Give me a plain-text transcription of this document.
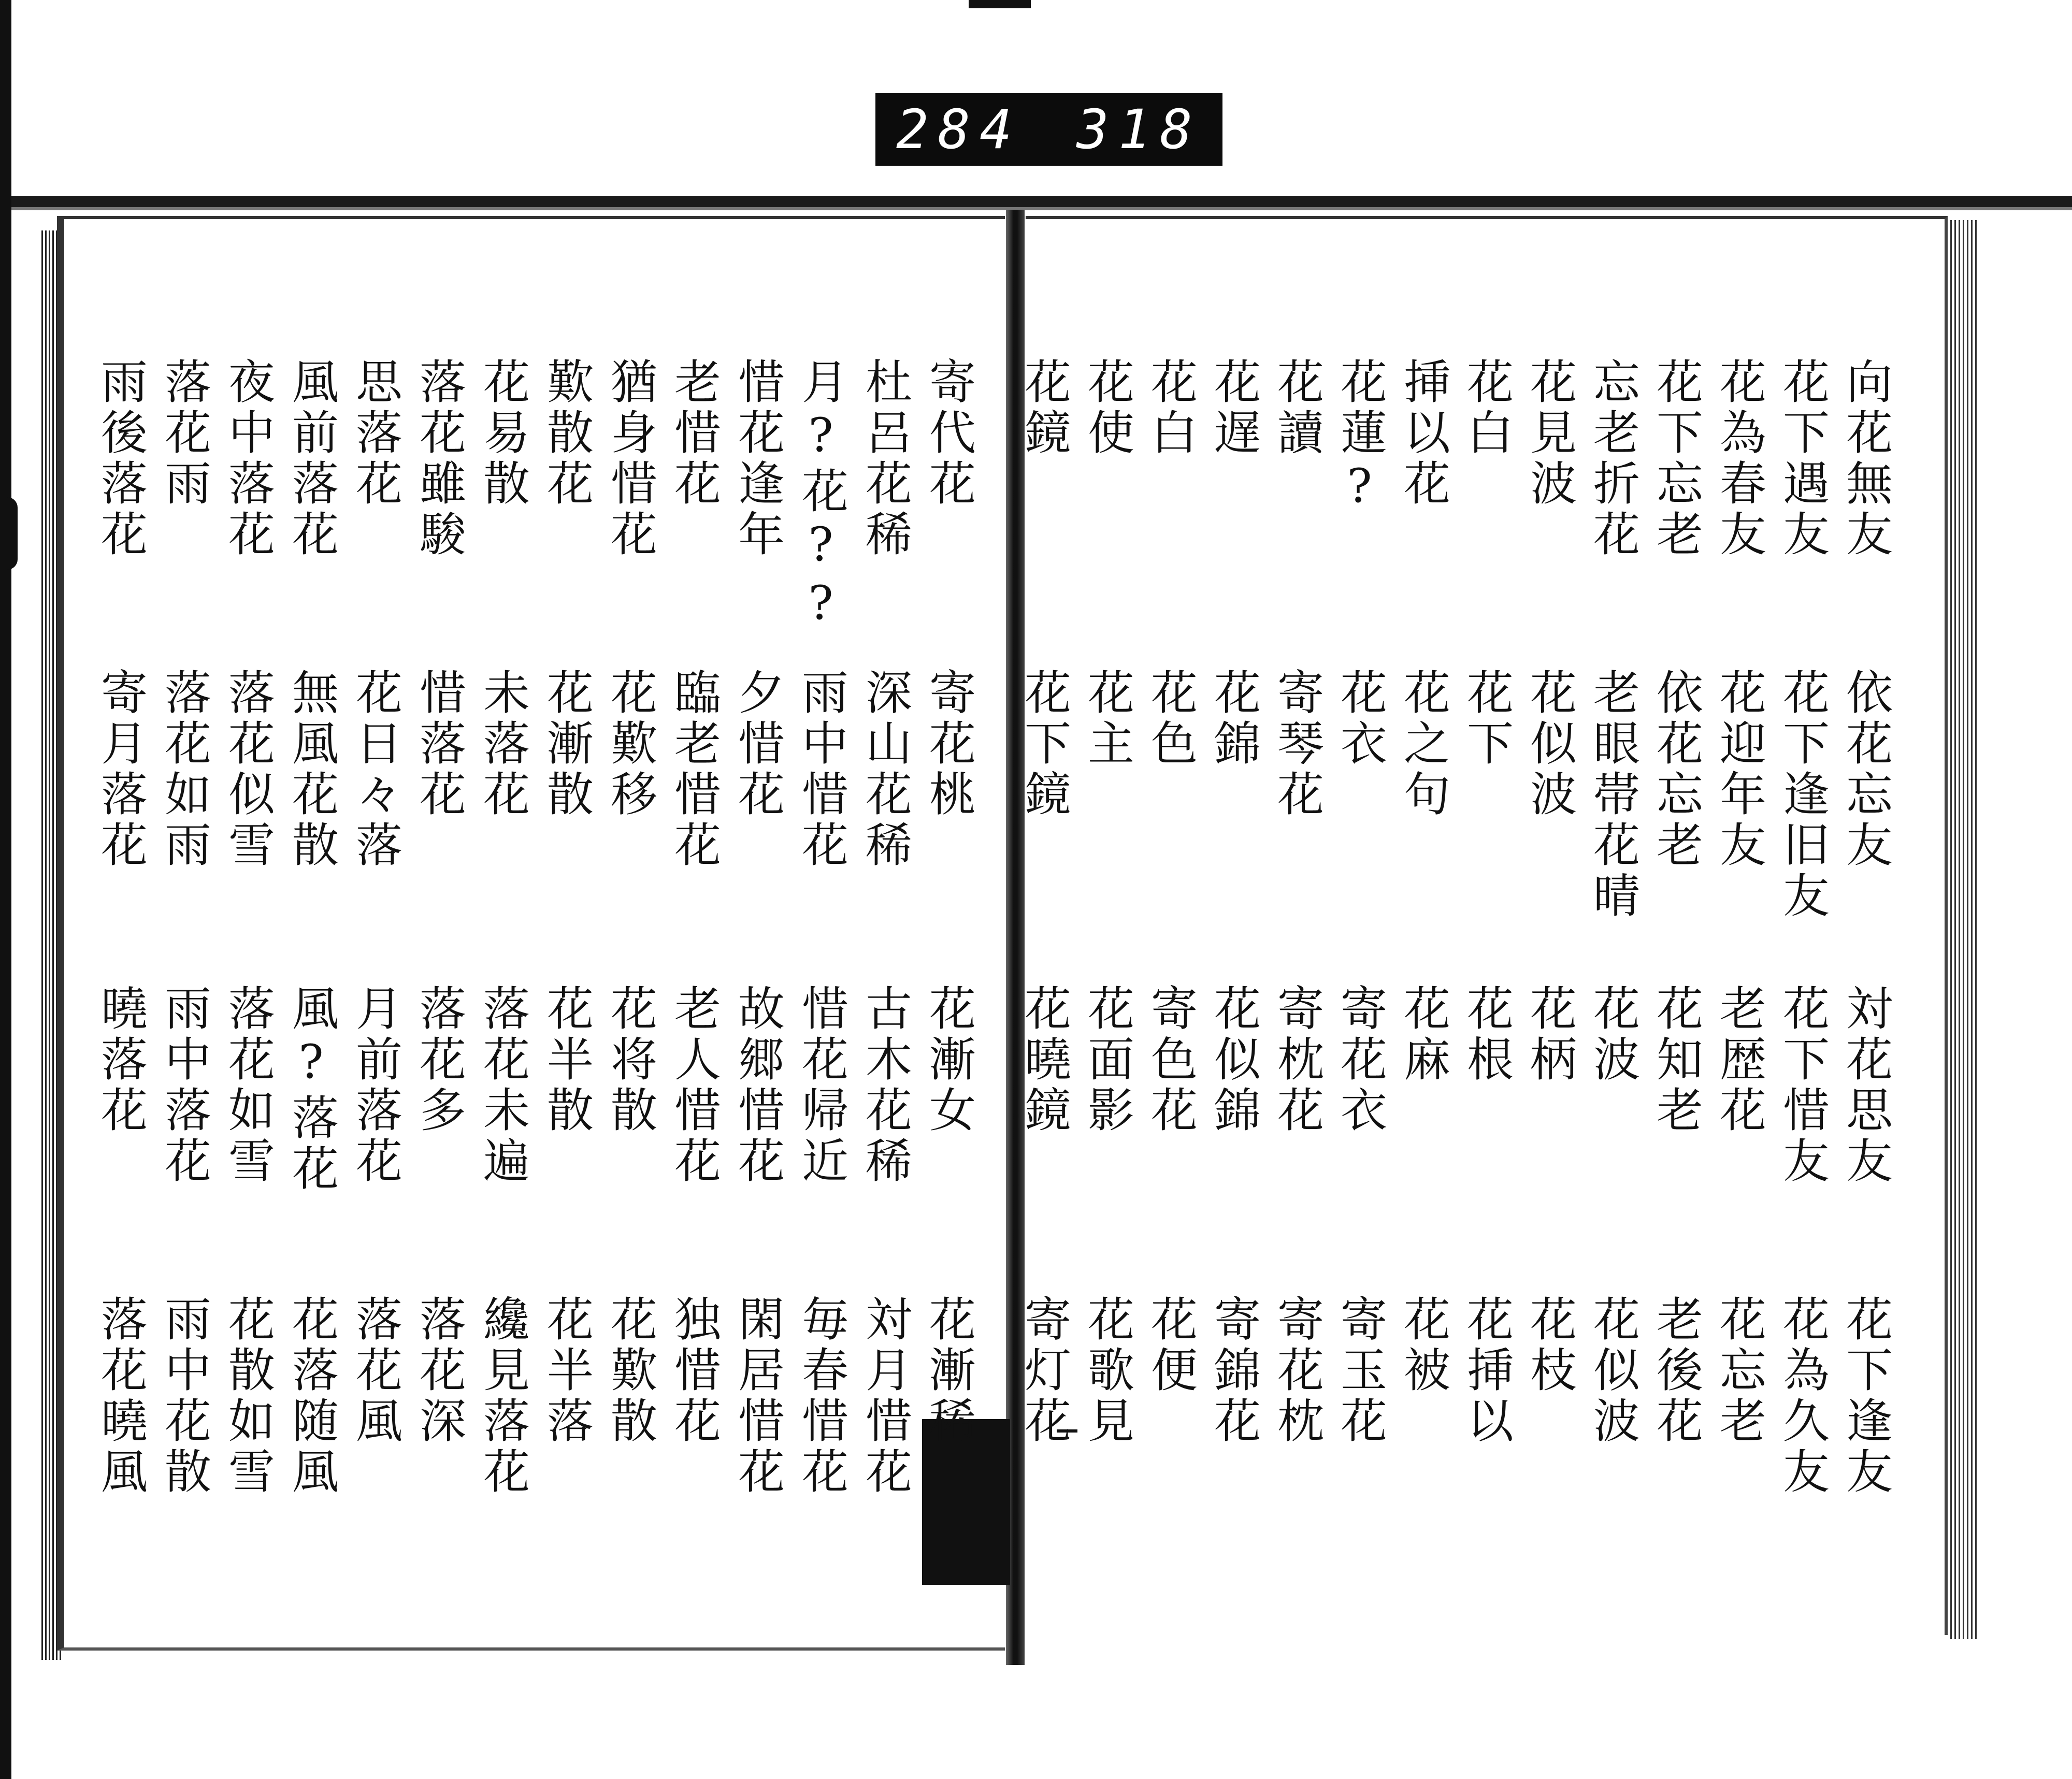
284 318
向花無友
花下遇友
花為春友
花下忘老
忘老折花
花見波
花白
挿以花
花蓮?
花讀
花遅
花白
花使
花鏡
依花忘友
花下逢旧友
花迎年友
依花忘老
老眼帯花晴
花似波
花下
花之句
花衣
寄琴花
花錦
花色
花主
花下鏡
対花思友
花下惜友
老歴花
花知老
花波
花柄
花根
花麻
寄花衣
寄枕花
花似錦
寄色花
花面影
花曉鏡
花下逢友
花為久友
花忘老
老後花
花似波
花枝
花挿以
花被
寄玉花
寄花枕
寄錦花
花便
花歌見
寄灯花
寄代花
杜呂花稀
月?花??
惜花逢年
老惜花
猶身惜花
歎散花
花易散
落花雖駿
思落花
風前落花
夜中落花
落花雨
雨後落花
寄花桃
深山花稀
雨中惜花
夕惜花
臨老惜花
花歎移
花漸散
未落花
惜落花
花日々落
無風花散
落花似雪
落花如雨
寄月落花
花漸女
古木花稀
惜花帰近
故郷惜花
老人惜花
花将散
花半散
落花未遍
落花多
月前落花
風?落花
落花如雪
雨中落花
曉落花
花漸稀
対月惜花
毎春惜花
閑居惜花
独惜花
花歎散
花半落
纔見落花
落花深
落花風
花落随風
花散如雪
雨中花散
落花曉風
